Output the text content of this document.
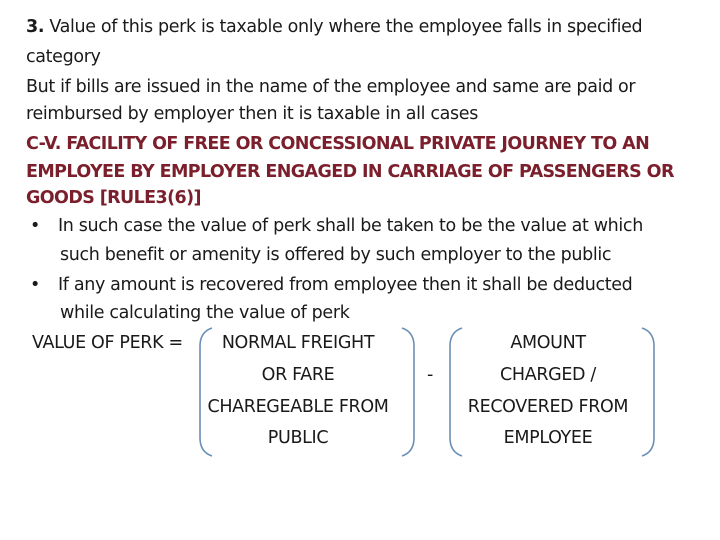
3. Value of this perk is taxable only where the employee falls in specified
category
But if bills are issued in the name of the employee and same are paid or
reimbursed by employer then it is taxable in all cases
C-V. FACILITY OF FREE OR CONCESSIONAL PRIVATE JOURNEY TO AN
EMPLOYEE BY EMPLOYER ENGAGED IN CARRIAGE OF PASSENGERS OR
GOODS [RULE3(6)]
• In such case the value of perk shall be taken to be the value at which
such benefit or amenity is offered by such employer to the public
• If any amount is recovered from employee then it shall be deducted
while calculating the value of perk
VALUE OF PERK =	NORMAL FREIGHT
OR FARE
CHAREGEABLE FROM
PUBLIC
-
AMOUNT
CHARGED /
RECOVERED FROM
EMPLOYEE
